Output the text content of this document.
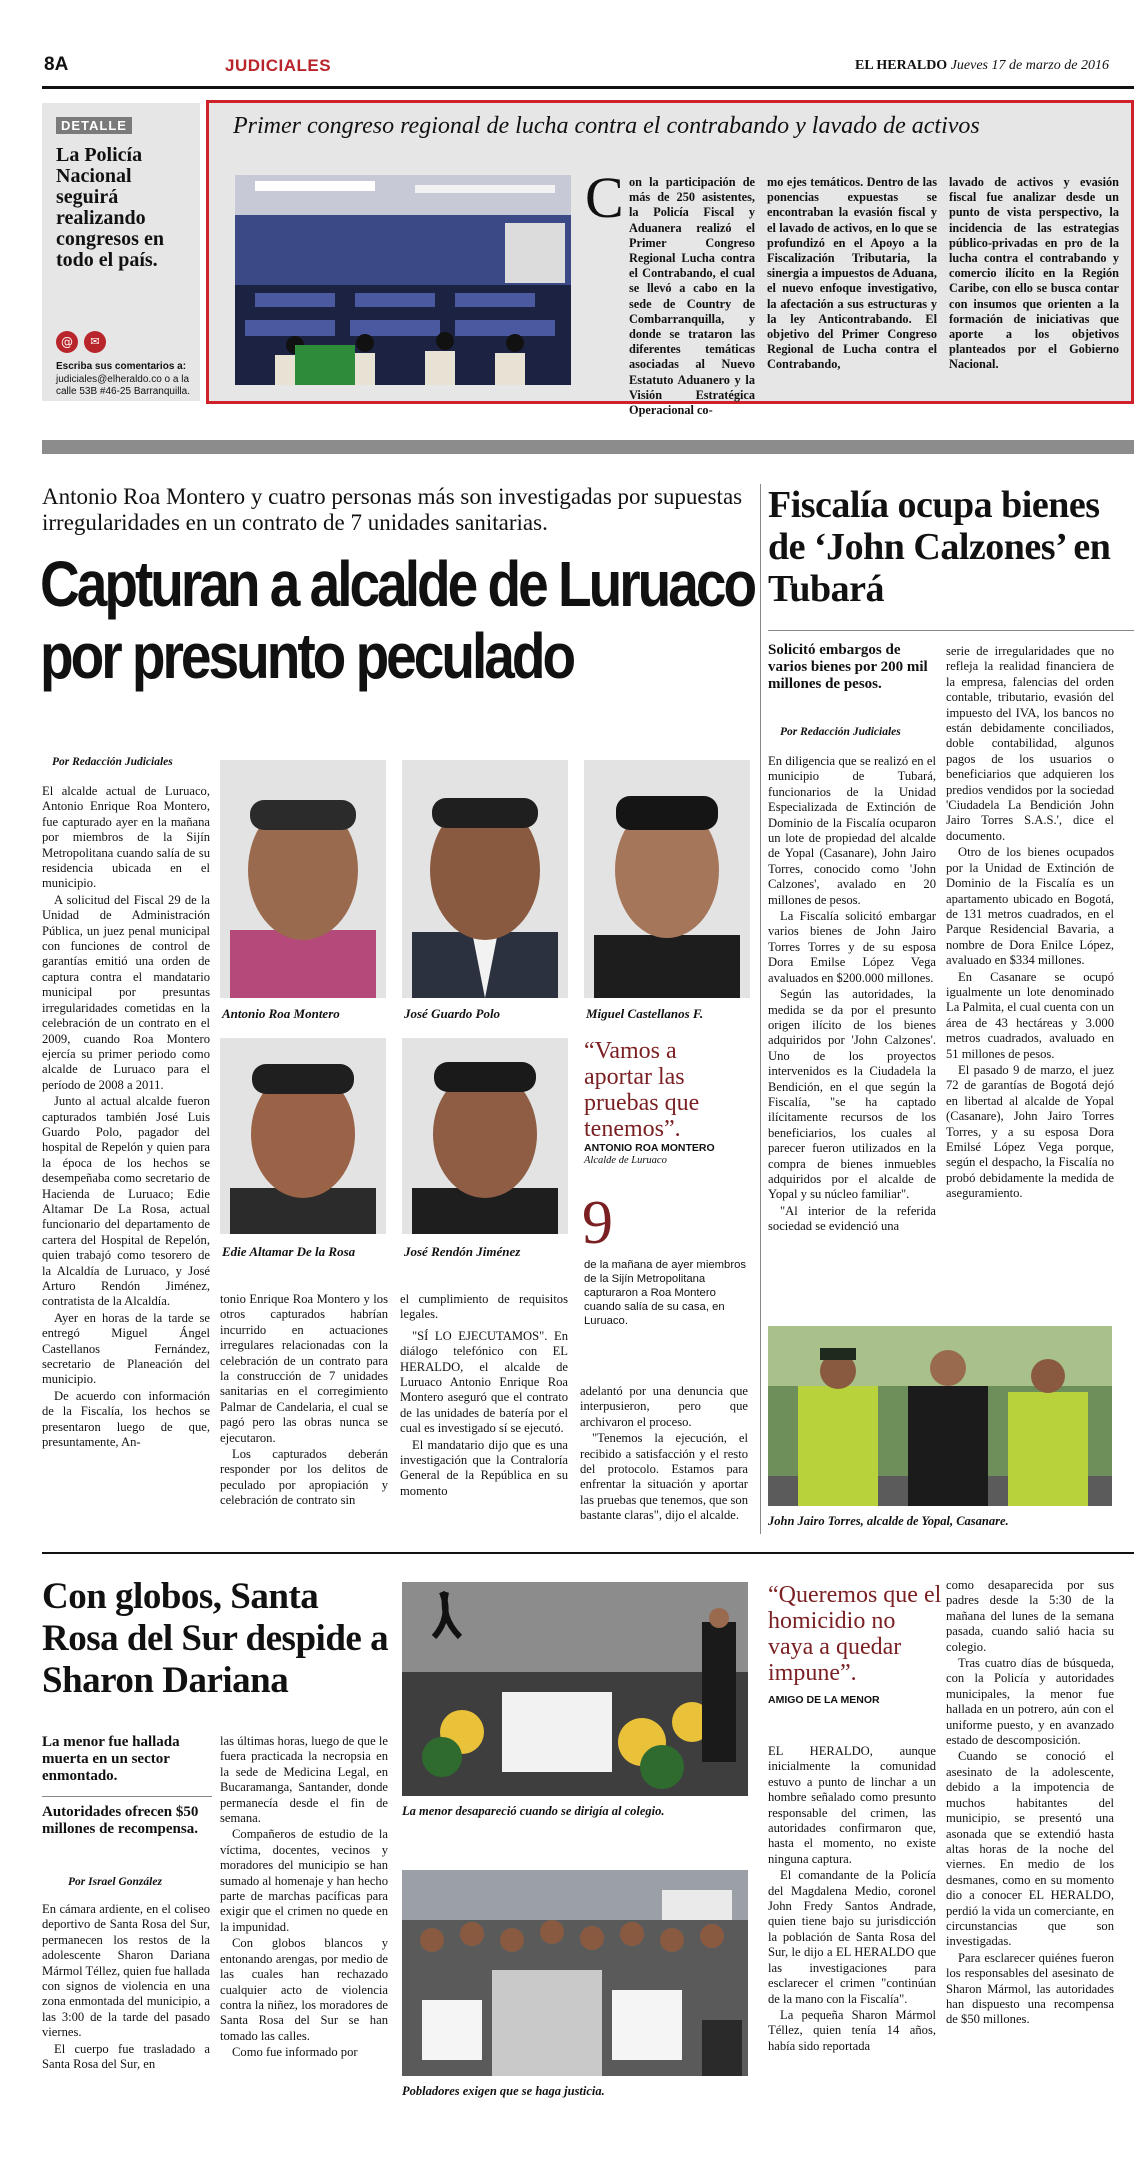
8A	JUDICIALES	EL HERALDO Jueves 17 de marzo de 2016
DETALLE
La Policía Nacional seguirá realizando congresos en todo el país.
@	✉
Escriba sus comentarios a:
judiciales@elheraldo.co o a la calle 53B #46-25 Barranquilla.
Primer congreso regional de lucha contra el contrabando y lavado de activos
C on la participación de más de 250 asistentes, la Policía Fiscal y Aduanera realizó el Primer Congreso Regional Lucha contra el Contrabando, el cual se llevó a cabo en la sede de Country de Combarranquilla, y donde se trataron las diferentes temáticas asociadas al Nuevo Estatuto Aduanero y la Visión Estratégica Operacional co-

mo ejes temáticos. Dentro de las ponencias expuestas se encontraban la evasión fiscal y el lavado de activos, en lo que se profundizó en el Apoyo a la Fiscalización Tributaria, la sinergia a impuestos de Aduana, el nuevo enfoque investigativo, la afectación a sus estructuras y la ley Anticontrabando. El objetivo del Primer Congreso Regional de Lucha contra el Contrabando,

lavado de activos y evasión fiscal fue analizar desde un punto de vista perspectivo, la incidencia de las estrategias público-privadas en pro de la lucha contra el contrabando y comercio ilícito en la Región Caribe, con ello se busca contar con insumos que orienten a la formación de iniciativas que aporte a los objetivos planteados por el Gobierno Nacional.

Antonio Roa Montero y cuatro personas más son investigadas por supuestas irregularidades en un contrato de 7 unidades sanitarias.
Capturan a alcalde de Luruaco por presunto peculado
Por Redacción Judiciales

El alcalde actual de Luruaco, Antonio Enrique Roa Montero, fue capturado ayer en la mañana por miembros de la Sijín Metropolitana cuando salía de su residencia ubicada en el municipio.

A solicitud del Fiscal 29 de la Unidad de Administración Pública, un juez penal municipal con funciones de control de garantías emitió una orden de captura contra el mandatario municipal por presuntas irregularidades cometidas en la celebración de un contrato en el 2009, cuando Roa Montero ejercía su primer periodo como alcalde de Luruaco para el período de 2008 a 2011.

Junto al actual alcalde fueron capturados también José Luis Guardo Polo, pagador del hospital de Repelón y quien para la época de los hechos se desempeñaba como secretario de Hacienda de Luruaco; Edie Altamar De La Rosa, actual funcionario del departamento de cartera del Hospital de Repelón, quien trabajó como tesorero de la Alcaldía de Luruaco, y José Arturo Rendón Jiménez, contratista de la Alcaldía.

Ayer en horas de la tarde se entregó Miguel Ángel Castellanos Fernández, secretario de Planeación del municipio.

De acuerdo con información de la Fiscalía, los hechos se presentaron luego de que, presuntamente, An-

Antonio Roa Montero	José Guardo Polo	Miguel Castellanos F.
Edie Altamar De la Rosa	José Rendón Jiménez
“Vamos a aportar las pruebas que tenemos”.
ANTONIO ROA MONTERO
Alcalde de Luruaco
9
de la mañana de ayer miembros de la Sijín Metropolitana capturaron a Roa Montero cuando salía de su casa, en Luruaco.

tonio Enrique Roa Montero y los otros capturados habrían incurrido en actuaciones irregulares relacionadas con la celebración de un contrato para la construcción de 7 unidades sanitarias en el corregimiento Palmar de Candelaria, el cual se pagó pero las obras nunca se ejecutaron.

Los capturados deberán responder por los delitos de peculado por apropiación y celebración de contrato sin

el cumplimiento de requisitos legales.

"SÍ LO EJECUTAMOS". En diálogo telefónico con EL HERALDO, el alcalde de Luruaco Antonio Enrique Roa Montero aseguró que el contrato de las unidades de batería por el cual es investigado sí se ejecutó.

El mandatario dijo que es una investigación que la Contraloría General de la República en su momento

adelantó por una denuncia que interpusieron, pero que archivaron el proceso.

"Tenemos la ejecución, el recibido a satisfacción y el resto del protocolo. Estamos para enfrentar la situación y aportar las pruebas que tenemos, que son bastante claras", dijo el alcalde.

Fiscalía ocupa bienes de ‘John Calzones’ en Tubará
Solicitó embargos de varios bienes por 200 mil millones de pesos.
Por Redacción Judiciales

En diligencia que se realizó en el municipio de Tubará, funcionarios de la Unidad Especializada de Extinción de Dominio de la Fiscalía ocuparon un lote de propiedad del alcalde de Yopal (Casanare), John Jairo Torres, conocido como 'John Calzones', avalado en 20 millones de pesos.

La Fiscalía solicitó embargar varios bienes de John Jairo Torres Torres y de su esposa Dora Emilse López Vega avaluados en $200.000 millones.

Según las autoridades, la medida se da por el presunto origen ilícito de los bienes adquiridos por 'John Calzones'. Uno de los proyectos intervenidos es la Ciudadela la Bendición, en el que según la Fiscalía, "se ha captado ilícitamente recursos de los beneficiarios, los cuales al parecer fueron utilizados en la compra de bienes inmuebles adquiridos por el alcalde de Yopal y su núcleo familiar".

"Al interior de la referida sociedad se evidenció una

serie de irregularidades que no refleja la realidad financiera de la empresa, falencias del orden contable, tributario, evasión del impuesto del IVA, los bancos no están debidamente conciliados, doble contabilidad, algunos pagos de los usuarios o beneficiarios que adquieren los predios vendidos por la sociedad 'Ciudadela La Bendición John Jairo Torres S.A.S.', dice el documento.

Otro de los bienes ocupados por la Unidad de Extinción de Dominio de la Fiscalía es un apartamento ubicado en Bogotá, de 131 metros cuadrados, en el Parque Residencial Bavaria, a nombre de Dora Enilce López, avaluado en $334 millones.

En Casanare se ocupó igualmente un lote denominado La Palmita, el cual cuenta con un área de 43 hectáreas y 3.000 metros cuadrados, avaluado en 51 millones de pesos.

El pasado 9 de marzo, el juez 72 de garantías de Bogotá dejó en libertad al alcalde de Yopal (Casanare), John Jairo Torres Torres, y a su esposa Dora Emilsé López Vega porque, según el despacho, la Fiscalía no probó debidamente la medida de aseguramiento.

John Jairo Torres, alcalde de Yopal, Casanare.
Con globos, Santa Rosa del Sur despide a Sharon Dariana
La menor fue hallada muerta en un sector enmontado.
Autoridades ofrecen $50 millones de recompensa.
Por Israel González

En cámara ardiente, en el coliseo deportivo de Santa Rosa del Sur, permanecen los restos de la adolescente Sharon Dariana Mármol Téllez, quien fue hallada con signos de violencia en una zona enmontada del municipio, a las 3:00 de la tarde del pasado viernes.

El cuerpo fue trasladado a Santa Rosa del Sur, en

las últimas horas, luego de que le fuera practicada la necropsia en la sede de Medicina Legal, en Bucaramanga, Santander, donde permanecía desde el fin de semana.

Compañeros de estudio de la víctima, docentes, vecinos y moradores del municipio se han sumado al homenaje y han hecho parte de marchas pacíficas para exigir que el crimen no quede en la impunidad.

Con globos blancos y entonando arengas, por medio de las cuales han rechazado cualquier acto de violencia contra la niñez, los moradores de Santa Rosa del Sur se han tomado las calles.

Como fue informado por

La menor desapareció cuando se dirigía al colegio.
Pobladores exigen que se haga justicia.
“Queremos que el homicidio no vaya a quedar impune”.
AMIGO DE LA MENOR

EL HERALDO, aunque inicialmente la comunidad estuvo a punto de linchar a un hombre señalado como presunto responsable del crimen, las autoridades confirmaron que, hasta el momento, no existe ninguna captura.

El comandante de la Policía del Magdalena Medio, coronel John Fredy Santos Andrade, quien tiene bajo su jurisdicción la población de Santa Rosa del Sur, le dijo a EL HERALDO que las investigaciones para esclarecer el crimen "continúan de la mano con la Fiscalía".

La pequeña Sharon Mármol Téllez, quien tenía 14 años, había sido reportada

como desaparecida por sus padres desde la 5:30 de la mañana del lunes de la semana pasada, cuando salió hacia su colegio.

Tras cuatro días de búsqueda, con la Policía y autoridades municipales, la menor fue hallada en un potrero, aún con el uniforme puesto, y en avanzado estado de descomposición.

Cuando se conoció el asesinato de la adolescente, debido a la impotencia de muchos habitantes del municipio, se presentó una asonada que se extendió hasta altas horas de la noche del viernes. En medio de los desmanes, como en su momento dio a conocer EL HERALDO, perdió la vida un comerciante, en circunstancias que son investigadas.

Para esclarecer quiénes fueron los responsables del asesinato de Sharon Mármol, las autoridades han dispuesto una recompensa de $50 millones.
